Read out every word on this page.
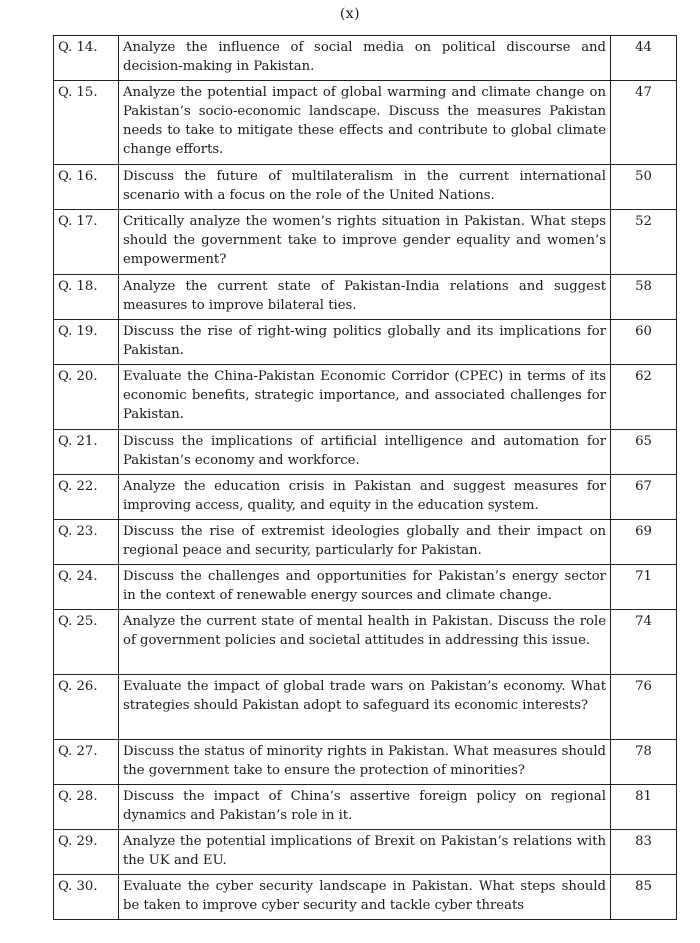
(x)
Q. 14.	Analyze the influence of social media on political discourse and decision-making in Pakistan.	44
Q. 15.	Analyze the potential impact of global warming and climate change on Pakistan’s socio-economic landscape. Discuss the measures Pakistan needs to take to mitigate these effects and contribute to global climate change efforts.	47
Q. 16.	Discuss the future of multilateralism in the current international scenario with a focus on the role of the United Nations.	50
Q. 17.	Critically analyze the women’s rights situation in Pakistan. What steps should the government take to improve gender equality and women’s empowerment?	52
Q. 18.	Analyze the current state of Pakistan-India relations and suggest measures to improve bilateral ties.	58
Q. 19.	Discuss the rise of right-wing politics globally and its implications for Pakistan.	60
Q. 20.	Evaluate the China-Pakistan Economic Corridor (CPEC) in terms of its economic benefits, strategic importance, and associated challenges for Pakistan.	62
Q. 21.	Discuss the implications of artificial intelligence and automation for Pakistan’s economy and workforce.	65
Q. 22.	Analyze the education crisis in Pakistan and suggest measures for improving access, quality, and equity in the education system.	67
Q. 23.	Discuss the rise of extremist ideologies globally and their impact on regional peace and security, particularly for Pakistan.	69
Q. 24.	Discuss the challenges and opportunities for Pakistan’s energy sector in the context of renewable energy sources and climate change.	71
Q. 25.	Analyze the current state of mental health in Pakistan. Discuss the role of government policies and societal attitudes in addressing this issue.	74
Q. 26.	Evaluate the impact of global trade wars on Pakistan’s economy. What strategies should Pakistan adopt to safeguard its economic interests?	76
Q. 27.	Discuss the status of minority rights in Pakistan. What measures should the government take to ensure the protection of minorities?	78
Q. 28.	Discuss the impact of China’s assertive foreign policy on regional dynamics and Pakistan’s role in it.	81
Q. 29.	Analyze the potential implications of Brexit on Pakistan’s relations with the UK and EU.	83
Q. 30.	Evaluate the cyber security landscape in Pakistan. What steps should be taken to improve cyber security and tackle cyber threats	85
